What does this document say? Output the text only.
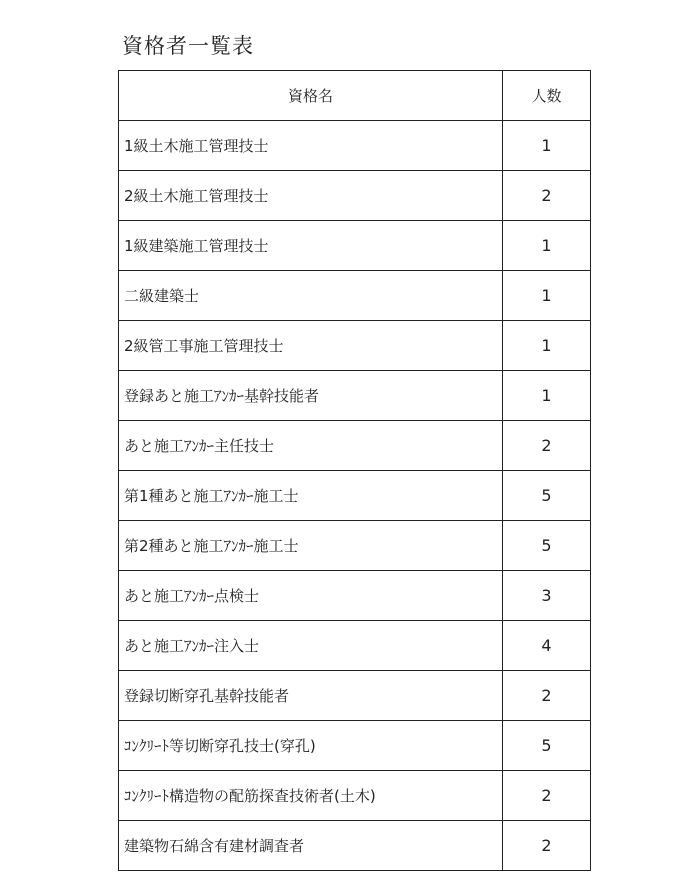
資格者一覧表
資格名	人数
1級土木施工管理技士	1
2級土木施工管理技士	2
1級建築施工管理技士	1
二級建築士	1
2級管工事施工管理技士	1
登録あと施工ｱﾝｶｰ基幹技能者	1
あと施工ｱﾝｶｰ主任技士	2
第1種あと施工ｱﾝｶｰ施工士	5
第2種あと施工ｱﾝｶｰ施工士	5
あと施工ｱﾝｶｰ点検士	3
あと施工ｱﾝｶｰ注入士	4
登録切断穿孔基幹技能者	2
ｺﾝｸﾘｰﾄ等切断穿孔技士(穿孔)	5
ｺﾝｸﾘｰﾄ構造物の配筋探査技術者(土木)	2
建築物石綿含有建材調査者	2
